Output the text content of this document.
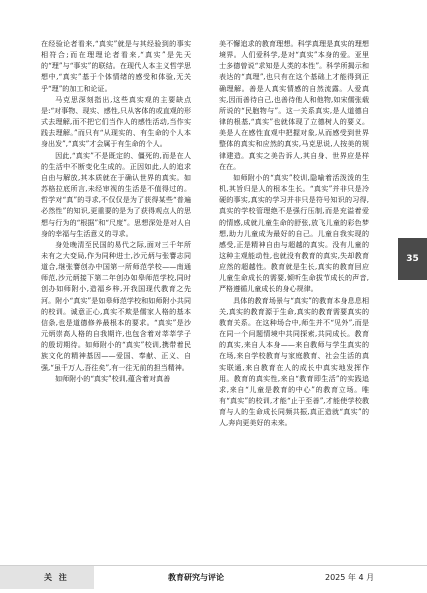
在经验论者看来,“真实”就是与其经验到的事实相符合;而在理理论者看来,“真实”是先天的“理”与“事实”的联结。在现代人本主义哲学思想中,“真实”基于个体情绪的感受和体验,无关乎“理”的加工和论证。

马克思深刻指出,这些真实观的主要缺点是:“对事物、现实、感性,只从客体的或直观的形式去理解,而不把它们当作人的感性活动,当作实践去理解。”而只有“从现实的、有生命的个人本身出发”,“真实”才会属于有生命的个人。

因此,“真实”不是既定的、僵死的,而是在人的生活中不断变化生成的。正因如此,人的追求自由与解放,其本质就在于确认世界的真实。如苏格拉底所言,未经审视的生活是不值得过的。哲学对“真”的寻求,不仅仅是为了获得某些“普遍必然性”的知识,更重要的是为了获得观点人的思想与行为的“根据”和“尺度”。思想深处是对人自身的幸福与生活意义的寻求。

身处晚清至民国的易代之际,面对三千年所未有之大变局,作为同种进士,沙元炳与张謇志同道合,继张謇创办中国第一所师范学校——南通师范,沙元炳接下第二年创办如皋师范学校,同时创办如师附小,造福乡梓,开我国现代教育之先河。附小“真实”是如皋师范学校和如师附小共同的校训。诚意正心,真实不欺是儒家人格的基本信条,也是道德修养最根本的要求。“真实”是沙元炳崇高人格的自我期许,也包含着对莘莘学子的殷切期待。如师附小的“真实”校训,携带着民族文化的精神基因——爱国、奉献、正义、自强,“虽千万人,吾往矣”,有一往无前的担当精神。

如师附小的“真实”校训,蕴含着对真善

美不懈追求的教育理想。科学真理是真实的理想境界。人们爱科学,是对“真实”本身的爱。亚里士多德曾说“求知是人类的本性”。科学所揭示和表达的“真理”,也只有在这个基础上才能得到正确理解。善是人真实情感的自然流露。人爱真实,因而善待自己,也善待他人和他物,如宋儒张载所说的“民胞物与”。这一关系真实,是人道德自律的根基,“真实”也就体现了立德树人的要义。美是人在感性直观中把握对象,从而感受到世界整体的真实和应然的真实,马克思说,人按美的规律建造。真实之美告诉人,其自身、世界应是样在在。

如师附小的“真实”校训,隐喻着活泼泼的生机,其旨归是人的根本生长。“真实”并非只是冷硬的事实,真实的学习并非只是符号知识的习得,真实的学校管理绝不是强行压制,而是充溢着爱的情感,成就儿童生命的舒张,放飞儿童的彩色梦想,助力儿童成为最好的自己。儿童自我实现的感受,正是精神自由与超越的真实。没有儿童的这种主观能动性,也就没有教育的真实,失却教育应然的超越性。教育就是生长,真实的教育回应儿童生命成长的需要,倾听生命拔节成长的声音,严格遵循儿童成长的身心规律。

具体的教育场景与“真实”的教育本身息息相关,真实的教育源于生命,真实的教育需要真实的教育关系。在这种场合中,师生并不“见外”,而是在同一个问题情境中共同探索,共同成长。教育的真实,来自人本身——来自教师与学生真实的在场,来自学校教育与家庭教育、社会生活的真实联通,来自教育在人的成长中真实地发挥作用。教育的真实性,来自“教育即生活”的实践追求,来自“儿童是教育的中心”的教育立场。唯有“真实”的校训,才能“止于至善”,才能使学校教育与人的生命成长同频共振,真正造就“真实”的人,奔向更美好的未来。

35
关 注	教育研究与评论	2025 年 4 月
